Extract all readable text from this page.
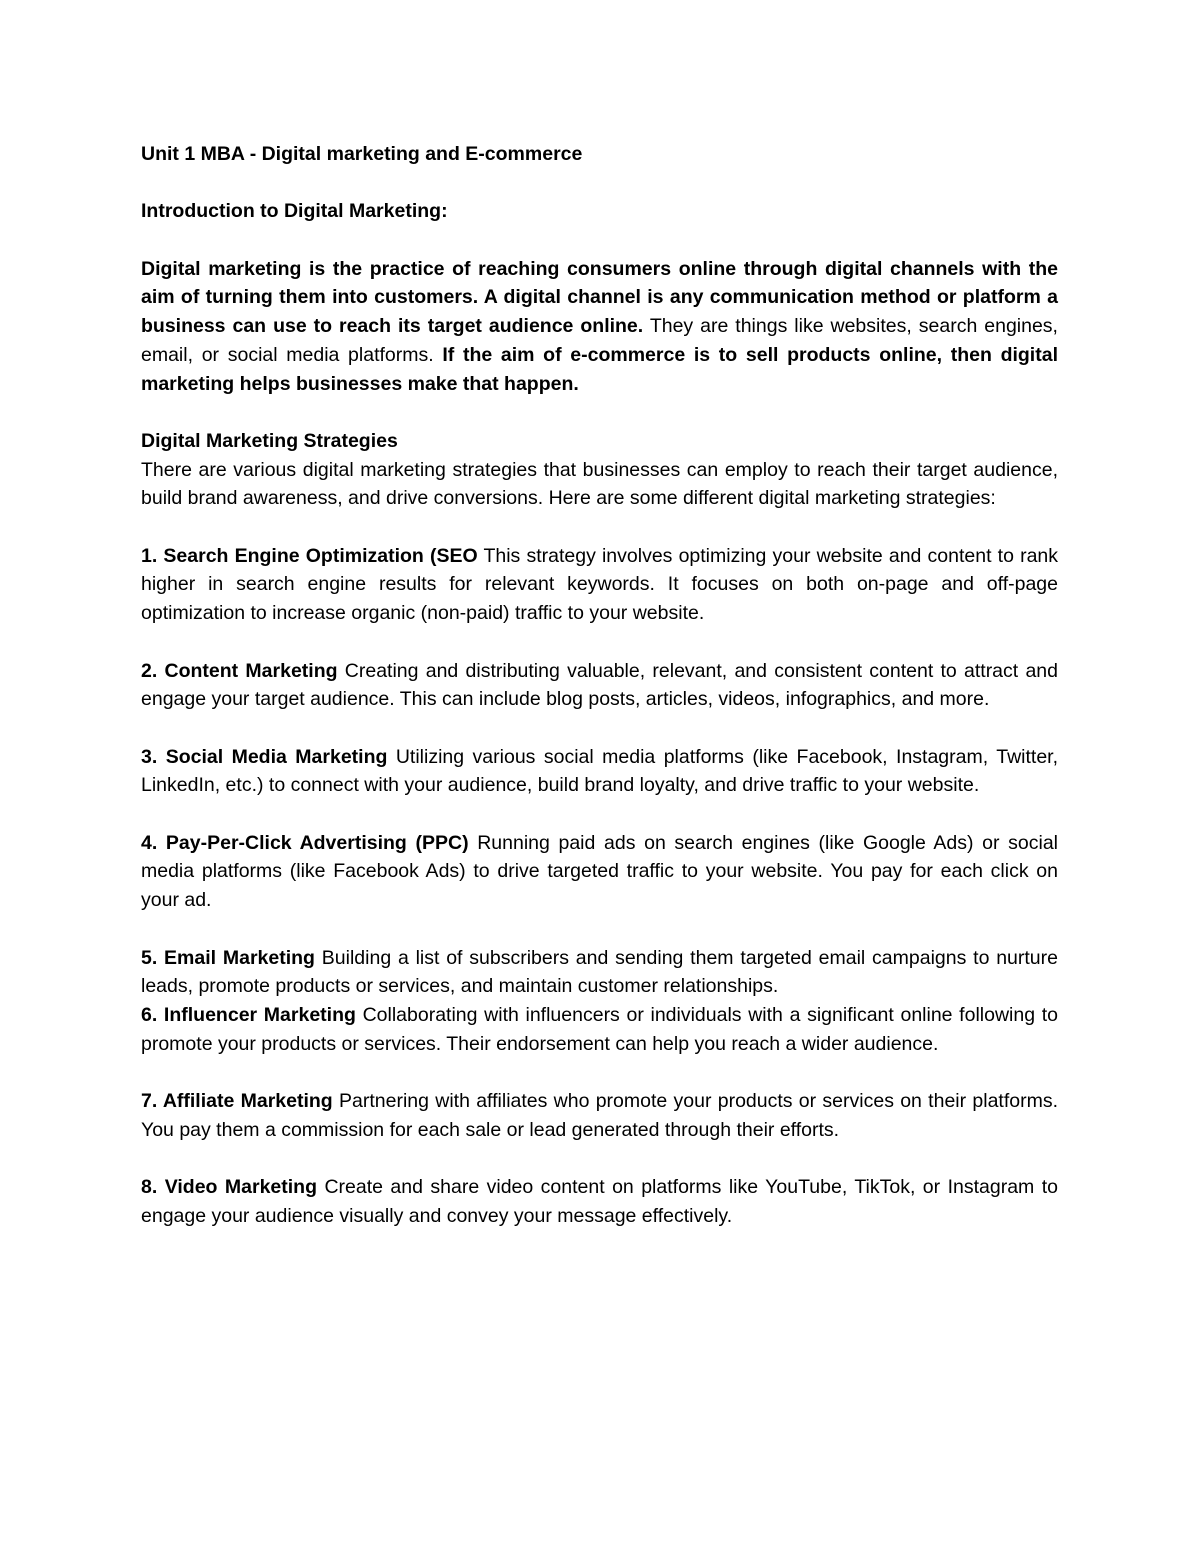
Unit 1 MBA - Digital marketing and E-commerce
Introduction to Digital Marketing:

Digital marketing is the practice of reaching consumers online through digital channels with the aim of turning them into customers. A digital channel is any communication method or platform a business can use to reach its target audience online. They are things like websites, search engines, email, or social media platforms. If the aim of e-commerce is to sell products online, then digital marketing helps businesses make that happen.

Digital Marketing Strategies

There are various digital marketing strategies that businesses can employ to reach their target audience, build brand awareness, and drive conversions. Here are some different digital marketing strategies:

1. Search Engine Optimization (SEO This strategy involves optimizing your website and content to rank higher in search engine results for relevant keywords. It focuses on both on-page and off-page optimization to increase organic (non-paid) traffic to your website.

2. Content Marketing Creating and distributing valuable, relevant, and consistent content to attract and engage your target audience. This can include blog posts, articles, videos, infographics, and more.

3. Social Media Marketing Utilizing various social media platforms (like Facebook, Instagram, Twitter, LinkedIn, etc.) to connect with your audience, build brand loyalty, and drive traffic to your website.

4. Pay-Per-Click Advertising (PPC) Running paid ads on search engines (like Google Ads) or social media platforms (like Facebook Ads) to drive targeted traffic to your website. You pay for each click on your ad.

5. Email Marketing Building a list of subscribers and sending them targeted email campaigns to nurture leads, promote products or services, and maintain customer relationships.

6. Influencer Marketing Collaborating with influencers or individuals with a significant online following to promote your products or services. Their endorsement can help you reach a wider audience.

7. Affiliate Marketing Partnering with affiliates who promote your products or services on their platforms. You pay them a commission for each sale or lead generated through their efforts.

8. Video Marketing Create and share video content on platforms like YouTube, TikTok, or Instagram to engage your audience visually and convey your message effectively.
